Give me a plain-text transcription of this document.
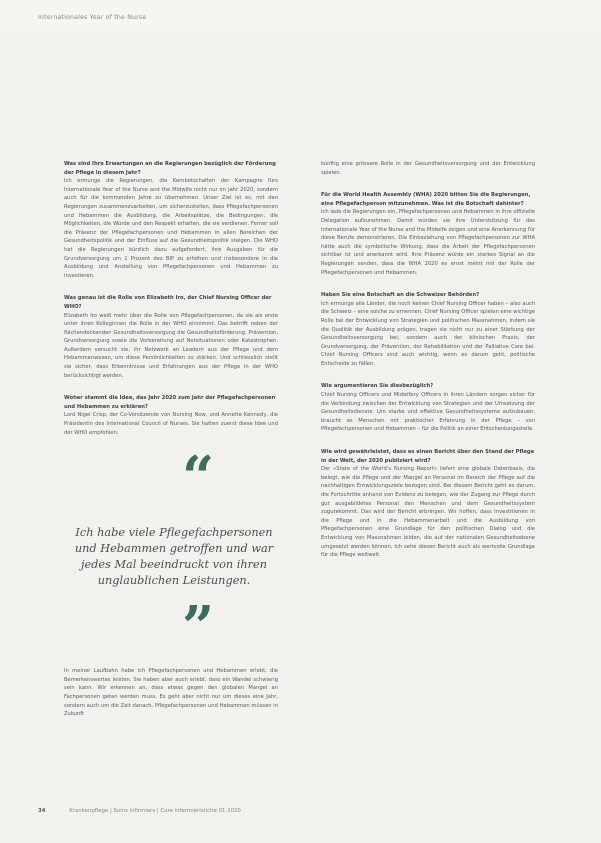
Internationales Year of the Nurse
Was sind Ihre Erwartungen an die Regierungen bezüglich der Förderung der Pflege in diesem Jahr?
Ich ermunge die Regierungen, die Kernbotschaften der Kampagne fürs Internationale Year of the Nurse and the Midwife nicht nur im Jahr 2020, sondern auch für die kommenden Jahre zu übernehmen. Unser Ziel ist es, mit den Regierungen zusammenzuarbeiten, um sicherzustellen, dass Pflegefachpersonen und Hebammen die Ausbildung, die Arbeitsplätze, die Bedingungen, die Möglichkeiten, die Würde und den Respekt erhalten, die sie verdienen. Ferner soll die Präsenz der Pflegefachpersonen und Hebammen in allen Bereichen der Gesundheitspolitik und der Einfluss auf die Gesundheitspolitik steigen. Die WHO hat die Regierungen kürzlich dazu aufgefordert, ihre Ausgaben für die Grundversorgung um 1 Prozent des BIP zu erhöhen und insbesondere in die Ausbildung und Anstellung von Pflegefachpersonen und Hebammen zu investieren.
Was genau ist die Rolle von Elizabeth Iro, der Chief Nursing Officer der WHO?
Elizabeth Iro weiß mehr über die Rolle von Pflegefachpersonen, da sie als erste unter ihren Kolleginnen die Rolle in der WHO einnimmt. Das betrifft neben der flächendeckenden Gesundheitsversorgung die Gesundheitsförderung, Prävention, Grundversorgung sowie die Vorbereitung auf Notsituationen oder Katastrophen. Außerdem versucht sie, ihr Netzwerk an Leadern aus der Pflege und dem Hebammenwesen, um diese Persönlichkeiten zu stärken. Und schliesslich stellt sie sicher, dass Erkenntnisse und Erfahrungen aus der Pflege in der WHO berücksichtigt werden.
Woher stammt die Idee, das Jahr 2020 zum Jahr der Pflegefachpersonen und Hebammen zu erklären?
Lord Nigel Crisp, der Co-Vorsitzende von Nursing Now, und Annette Kennedy, die Präsidentin des International Council of Nurses. Sie hatten zuerst diese Idee und der WHO empfohlen.
“
Ich habe viele Pflegefachpersonen und Hebammen getroffen und war jedes Mal beeindruckt von ihren unglaublichen Leistungen.
”
In meiner Laufbahn habe ich Pflegefachpersonen und Hebammen erlebt, die Bemerkenswertes leisten. Sie haben aber auch erlebt, dass ein Wandel schwierig sein kann. Wir erkennen an, dass etwas gegen den globalen Mangel an Fachpersonen getan werden muss. Es geht aber nicht nur um dieses eine Jahr, sondern auch um die Zeit danach. Pflegefachpersonen und Hebammen müssen in Zukunft
künftig eine grössere Rolle in der Gesundheitsversorgung und der Entwicklung spielen.
Für die World Health Assembly (WHA) 2020 bitten Sie die Regierungen, eine Pflegefachperson mitzunehmen. Was ist die Botschaft dahinter?
Ich lade die Regierungen ein, Pflegefachpersonen und Hebammen in ihre offizielle Delegation aufzunehmen. Damit würden sie ihre Unterstützung für das Internationale Year of the Nurse and the Midwife zeigen und eine Anerkennung für diese Berufe demonstrieren. Die Einbeziehung von Pflegefachpersonen zur WHA hätte auch die symbolische Wirkung, dass die Arbeit der Pflegefachpersonen sichtbar ist und anerkannt wird. Ihre Präsenz würde ein starkes Signal an die Regierungen senden, dass die WHA 2020 es ernst meint mit der Rolle der Pflegefachpersonen und Hebammen.
Haben Sie eine Botschaft an die Schweizer Behörden?
Ich ermunge alle Länder, die noch keinen Chief Nursing Officer haben – also auch die Schweiz – eine solche zu ernennen. Chief Nursing Officer spielen eine wichtige Rolle bei der Entwicklung von Strategien und politischen Massnahmen, indem sie die Qualität der Ausbildung prägen, tragen sie nicht nur zu einer Stärkung der Gesundheitsversorgung bei, sondern auch der klinischen Praxis, der Grundversorgung, der Prävention, der Rehabilitation und der Palliative Care bei. Chief Nursing Officers sind auch wichtig, wenn es darum geht, politische Entscheide zu fällen.
Wie argumentieren Sie diesbezüglich?
Chief Nursing Officers und Midwifery Officers in ihren Ländern sorgen sicher für die Verbindung zwischen der Entwicklung von Strategien und der Umsetzung der Gesundheitsdienste. Um starke und effektive Gesundheitssysteme aufzubauen, braucht es Menschen mit praktischer Erfahrung in der Pflege – von Pflegefachpersonen und Hebammen – für die Politik an einer Entscheidungsstelle.
Wie wird gewährleistet, dass es einen Bericht über den Stand der Pflege in der Welt, der 2020 publiziert wird?
Der «State of the World’s Nursing Report» liefert eine globale Datenbasis, die belegt, wie die Pflege und der Mangel an Personal im Bereich der Pflege auf die nachhaltigen Entwicklungsziele bezogen sind. Bei diesem Bericht geht es darum, die Fortschritte anhand von Evidenz zu belegen, wie der Zugang zur Pflege durch gut ausgebildetes Personal den Menschen und dem Gesundheitssystem zugutekommt. Das wird der Bericht erbringen. Wir hoffen, dass Investitionen in die Pflege und in die Hebammenarbeit und die Ausbildung von Pflegefachpersonen eine Grundlage für den politischen Dialog und die Entwicklung von Massnahmen bilden, die auf der nationalen Gesundheitsebene umgesetzt werden können. Ich sehe diesen Bericht auch als wertvolle Grundlage für die Pflege weltweit.
34	Krankenpflege | Soins infirmiers | Cure infermieristiche 01 2020
